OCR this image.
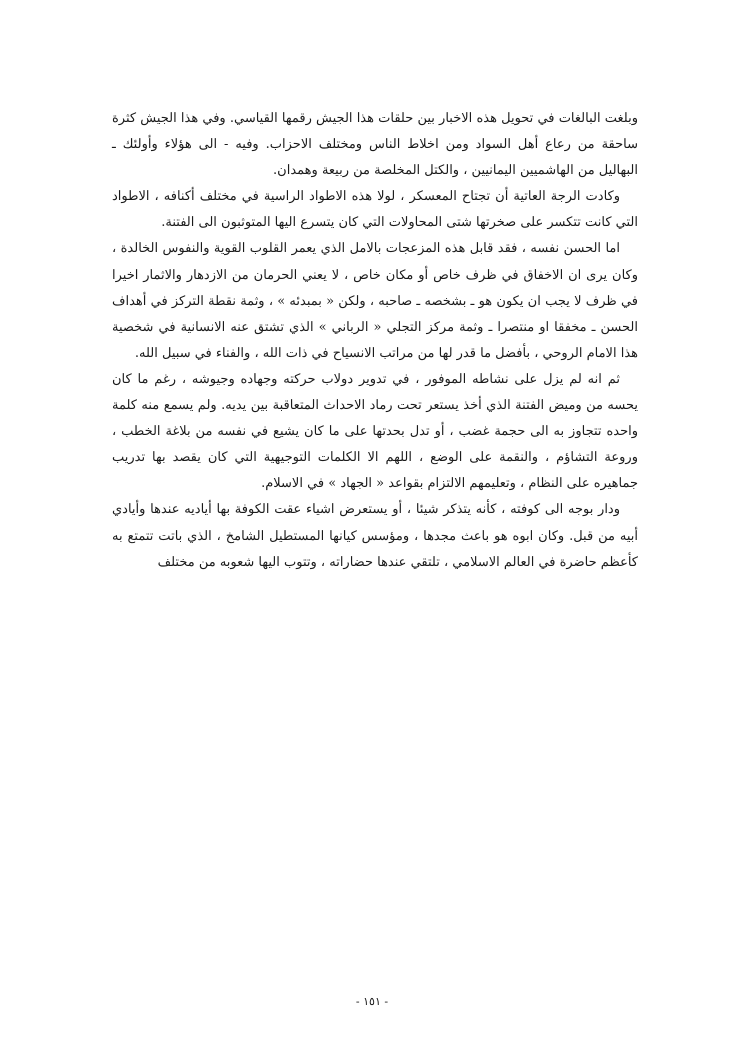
وبلغت البالغات في تحويل هذه الاخبار بين حلقات هذا الجيش رقمها القياسي. وفي هذا الجيش كثرة ساحقة من رعاع أهل السواد ومن اخلاط الناس ومختلف الاحزاب. وفيه - الى هؤلاء وأولئك ـ البهاليل من الهاشميين اليمانيين ، والكتل المخلصة من ربيعة وهمدان.

وكادت الرجة العاتية أن تجتاح المعسكر ، لولا هذه الاطواد الراسية في مختلف أكنافه ، الاطواد التي كانت تتكسر على صخرتها شتى المحاولات التي كان يتسرع اليها المتوثبون الى الفتنة.

اما الحسن نفسه ، فقد قابل هذه المزعجات بالامل الذي يعمر القلوب القوية والنفوس الخالدة ، وكان يرى ان الاخفاق في ظرف خاص أو مكان خاص ، لا يعني الحرمان من الازدهار والاثمار اخيرا في ظرف لا يجب ان يكون هو ـ بشخصه ـ صاحبه ، ولكن « بمبدئه » ، وثمة نقطة التركز في أهداف الحسن ـ مخفقا او منتصرا ـ وثمة مركز التجلي « الرباني » الذي تشتق عنه الانسانية في شخصية هذا الامام الروحي ، بأفضل ما قدر لها من مراتب الانسياح في ذات الله ، والفناء في سبيل الله.

ثم انه لم يزل على نشاطه الموفور ، في تدوير دولاب حركته وجهاده وجيوشه ، رغم ما كان يحسه من وميض الفتنة الذي أخذ يستعر تحت رماد الاحداث المتعاقبة بين يديه. ولم يسمع منه كلمة واحده تتجاوز به الى حجمة غضب ، أو تدل بحدتها على ما كان يشيع في نفسه من بلاغة الخطب ، وروعة التشاؤم ، والنقمة على الوضع ، اللهم الا الكلمات التوجيهية التي كان يقصد بها تدريب جماهيره على النظام ، وتعليمهم الالتزام بقواعد « الجهاد » في الاسلام.

ودار بوجه الى كوفته ، كأنه يتذكر شيئا ، أو يستعرض اشياء عقت الكوفة بها أياديه عندها وأيادي أبيه من قبل. وكان ابوه هو باعث مجدها ، ومؤسس كيانها المستطيل الشامخ ، الذي باتت تتمتع به كأعظم حاضرة في العالم الاسلامي ، تلتقي عندها حضاراته ، وتتوب اليها شعوبه من مختلف

- ١٥١ -
